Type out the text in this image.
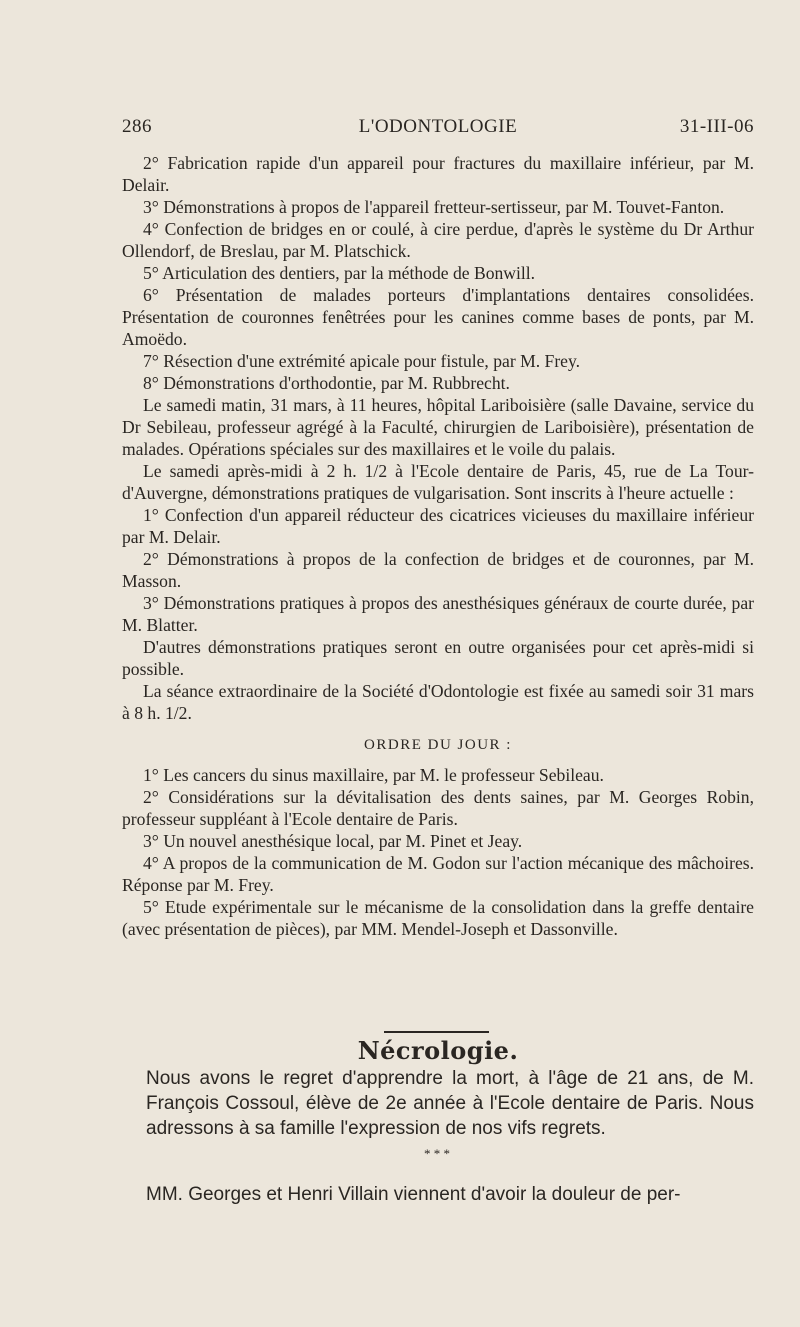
286	L'ODONTOLOGIE	31-III-06

2° Fabrication rapide d'un appareil pour fractures du maxillaire inférieur, par M. Delair.

3° Démonstrations à propos de l'appareil fretteur-sertisseur, par M. Touvet-Fanton.

4° Confection de bridges en or coulé, à cire perdue, d'après le système du Dr Arthur Ollendorf, de Breslau, par M. Platschick.

5° Articulation des dentiers, par la méthode de Bonwill.

6° Présentation de malades porteurs d'implantations dentaires consolidées. Présentation de couronnes fenêtrées pour les canines comme bases de ponts, par M. Amoëdo.

7° Résection d'une extrémité apicale pour fistule, par M. Frey.

8° Démonstrations d'orthodontie, par M. Rubbrecht.

Le samedi matin, 31 mars, à 11 heures, hôpital Lariboisière (salle Davaine, service du Dr Sebileau, professeur agrégé à la Faculté, chirurgien de Lariboisière), présentation de malades. Opérations spéciales sur des maxillaires et le voile du palais.

Le samedi après-midi à 2 h. 1/2 à l'Ecole dentaire de Paris, 45, rue de La Tour-d'Auvergne, démonstrations pratiques de vulgarisation. Sont inscrits à l'heure actuelle :

1° Confection d'un appareil réducteur des cicatrices vicieuses du maxillaire inférieur par M. Delair.

2° Démonstrations à propos de la confection de bridges et de couronnes, par M. Masson.

3° Démonstrations pratiques à propos des anesthésiques généraux de courte durée, par M. Blatter.

D'autres démonstrations pratiques seront en outre organisées pour cet après-midi si possible.

La séance extraordinaire de la Société d'Odontologie est fixée au samedi soir 31 mars à 8 h. 1/2.

ORDRE DU JOUR :

1° Les cancers du sinus maxillaire, par M. le professeur Sebileau.

2° Considérations sur la dévitalisation des dents saines, par M. Georges Robin, professeur suppléant à l'Ecole dentaire de Paris.

3° Un nouvel anesthésique local, par M. Pinet et Jeay.

4° A propos de la communication de M. Godon sur l'action mécanique des mâchoires. Réponse par M. Frey.

5° Etude expérimentale sur le mécanisme de la consolidation dans la greffe dentaire (avec présentation de pièces), par MM. Mendel-Joseph et Dassonville.

Nécrologie.

Nous avons le regret d'apprendre la mort, à l'âge de 21 ans, de M. François Cossoul, élève de 2e année à l'Ecole dentaire de Paris. Nous adressons à sa famille l'expression de nos vifs regrets.

* * *

MM. Georges et Henri Villain viennent d'avoir la douleur de per-
